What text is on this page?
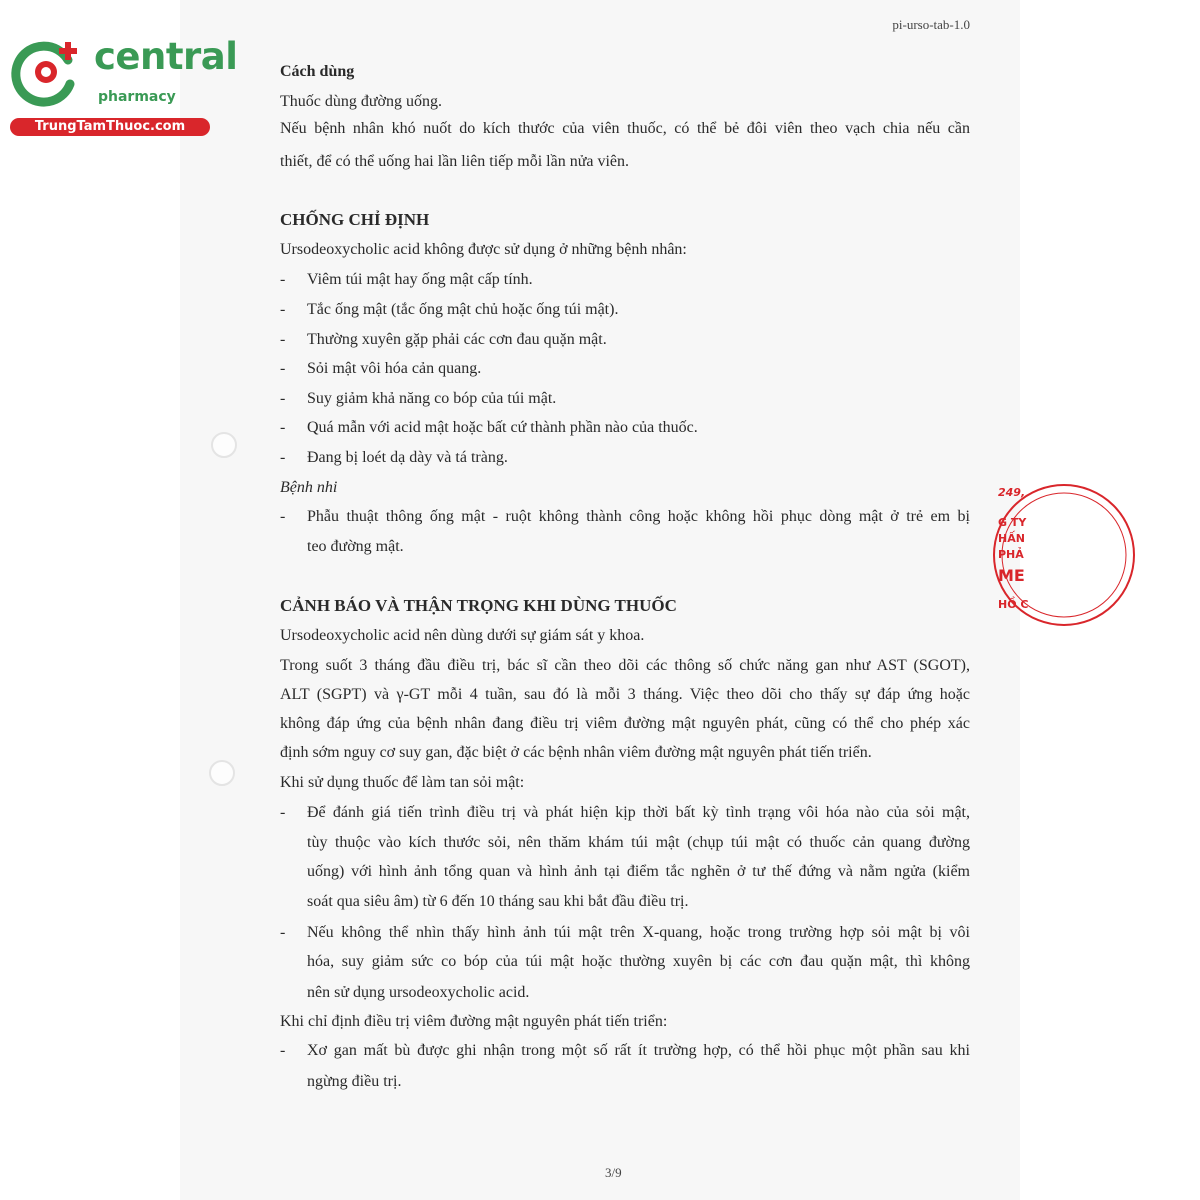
central
pharmacy
TrungTamThuoc.com
pi-urso-tab-1.0
Cách dùng
Thuốc dùng đường uống.
Nếu bệnh nhân khó nuốt do kích thước của viên thuốc, có thể bẻ đôi viên theo vạch chia nếu cần
thiết, để có thể uống hai lần liên tiếp mỗi lần nửa viên.
CHỐNG CHỈ ĐỊNH
Ursodeoxycholic acid không được sử dụng ở những bệnh nhân:
- Viêm túi mật hay ống mật cấp tính.
- Tắc ống mật (tắc ống mật chủ hoặc ống túi mật).
- Thường xuyên gặp phải các cơn đau quặn mật.
- Sỏi mật vôi hóa cản quang.
- Suy giảm khả năng co bóp của túi mật.
- Quá mẫn với acid mật hoặc bất cứ thành phần nào của thuốc.
- Đang bị loét dạ dày và tá tràng.
Bệnh nhi
- Phẫu thuật thông ống mật - ruột không thành công hoặc không hồi phục dòng mật ở trẻ em bị
teo đường mật.
CẢNH BÁO VÀ THẬN TRỌNG KHI DÙNG THUỐC
Ursodeoxycholic acid nên dùng dưới sự giám sát y khoa.
Trong suốt 3 tháng đầu điều trị, bác sĩ cần theo dõi các thông số chức năng gan như AST (SGOT),
ALT (SGPT) và γ-GT mỗi 4 tuần, sau đó là mỗi 3 tháng. Việc theo dõi cho thấy sự đáp ứng hoặc
không đáp ứng của bệnh nhân đang điều trị viêm đường mật nguyên phát, cũng có thể cho phép xác
định sớm nguy cơ suy gan, đặc biệt ở các bệnh nhân viêm đường mật nguyên phát tiến triển.
Khi sử dụng thuốc để làm tan sỏi mật:
- Để đánh giá tiến trình điều trị và phát hiện kịp thời bất kỳ tình trạng vôi hóa nào của sỏi mật,
tùy thuộc vào kích thước sỏi, nên thăm khám túi mật (chụp túi mật có thuốc cản quang đường
uống) với hình ảnh tổng quan và hình ảnh tại điểm tắc nghẽn ở tư thế đứng và nằm ngửa (kiểm
soát qua siêu âm) từ 6 đến 10 tháng sau khi bắt đầu điều trị.
- Nếu không thể nhìn thấy hình ảnh túi mật trên X-quang, hoặc trong trường hợp sỏi mật bị vôi
hóa, suy giảm sức co bóp của túi mật hoặc thường xuyên bị các cơn đau quặn mật, thì không
nên sử dụng ursodeoxycholic acid.
Khi chỉ định điều trị viêm đường mật nguyên phát tiến triển:
- Xơ gan mất bù được ghi nhận trong một số rất ít trường hợp, có thể hồi phục một phần sau khi
ngừng điều trị.
249,
G TY
HẤN
PHẢ
ME
HỒ C
3/9
